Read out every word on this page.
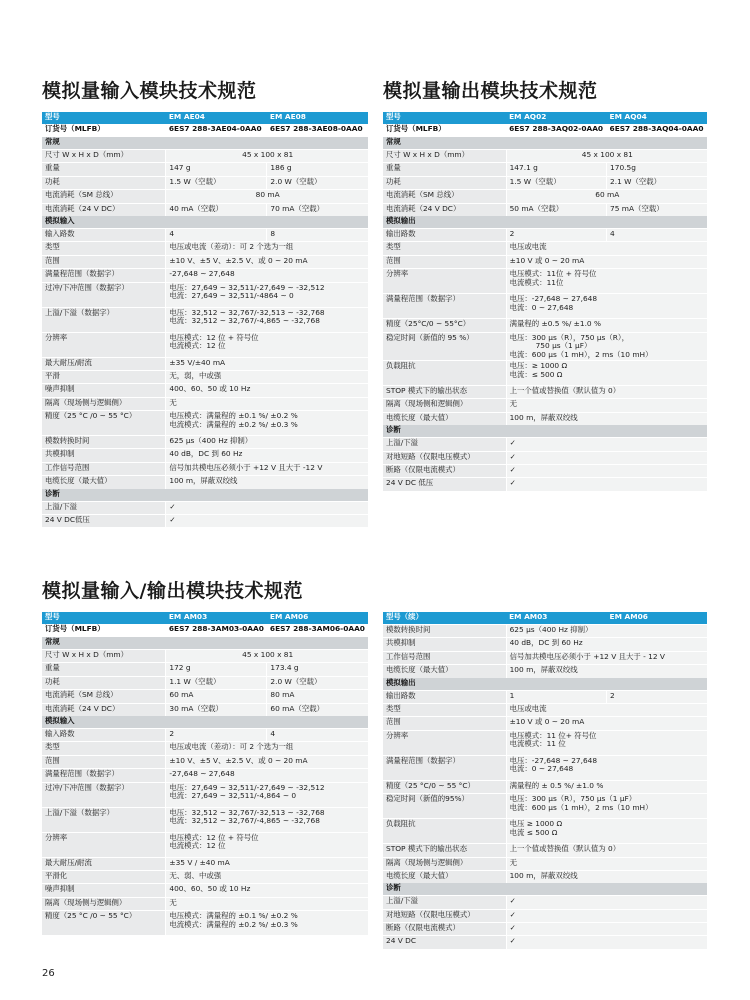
模拟量输入模块技术规范	模拟量输出模块技术规范
模拟量输入/输出模块技术规范
型号	EM AE04	EM AE08
订货号（MLFB）	6ES7 288-3AE04-0AA0	6ES7 288-3AE08-0AA0
常规		
尺寸 W x H x D（mm）	45 x 100 x 81	

重量	147 g	186 g
功耗	1.5 W（空载）	2.0 W（空载）
电流消耗（SM 总线）	80 mA	

电流消耗（24 V DC）	40 mA（空载）	70 mA（空载）
模拟输入		
输入路数	4	8
类型	电压或电流（差动）：可 2 个选为一组	

范围	±10 V、±5 V、±2.5 V、或 0 ~ 20 mA	

满量程范围（数据字）	-27,648 ~ 27,648	

过冲/下冲范围（数据字）	电压：27,649 ~ 32,511/-27,649 ~ -32,512
电流：27,649 ~ 32,511/-4864 ~ 0	

上溢/下溢（数据字）	电压：32,512 ~ 32,767/-32,513 ~ -32,768
电流：32,512 ~ 32,767/-4,865 ~ -32,768	

分辨率	电压模式：12 位 + 符号位
电流模式：12 位	

最大耐压/耐流	±35 V/±40 mA	

平滑	无，弱，中或强	

噪声抑制	400、60、50 或 10 Hz	

隔离（现场侧与逻辑侧）	无	

精度（25 °C /0 ~ 55 °C）	电压模式：满量程的 ±0.1 %/ ±0.2 %
电流模式：满量程的 ±0.2 %/ ±0.3 %	

模数转换时间	625 μs（400 Hz 抑制）	

共模抑制	40 dB，DC 到 60 Hz	

工作信号范围	信号加共模电压必须小于 +12 V 且大于 -12 V	

电缆长度（最大值）	100 m，屏蔽双绞线	

诊断		
上溢/下溢	✓	

24 V DC低压	✓	
型号	EM AQ02	EM AQ04
订货号（MLFB）	6ES7 288-3AQ02-0AA0	6ES7 288-3AQ04-0AA0
常规		
尺寸 W x H x D（mm）	45 x 100 x 81	

重量	147.1 g	170.5g
功耗	1.5 W（空载）	2.1 W（空载）
电流消耗（SM 总线）	60 mA	

电流消耗（24 V DC）	50 mA（空载）	75 mA（空载）
模拟输出		
输出路数	2	4
类型	电压或电流	

范围	±10 V 或 0 ~ 20 mA	

分辨率	电压模式：11位 + 符号位
电流模式：11位	

满量程范围（数据字）	电压：-27,648 ~ 27,648
电流：0 ~ 27,648	

精度（25°C/0 ~ 55°C）	满量程的 ±0.5 %/ ±1.0 %	

稳定时间（新值的 95 %）	电压：300 μs（R），750 μs（R），
750 μs（1 μF）
电流：600 μs（1 mH），2 ms（10 mH）	

负载阻抗	电压：≥ 1000 Ω
电流：≤ 500 Ω	

STOP 模式下的输出状态	上一个值或替换值（默认值为 0）	

隔离（现场侧和逻辑侧）	无	

电缆长度（最大值）	100 m，屏蔽双绞线	

诊断		
上溢/下溢	✓	

对地短路（仅限电压模式）	✓	

断路（仅限电流模式）	✓	

24 V DC 低压	✓	
型号	EM AM03	EM AM06
订货号（MLFB）	6ES7 288-3AM03-0AA0	6ES7 288-3AM06-0AA0
常规		
尺寸 W x H x D（mm）	45 x 100 x 81	

重量	172 g	173.4 g
功耗	1.1 W（空载）	2.0 W（空载）
电流消耗（SM 总线）	60 mA	80 mA
电流消耗（24 V DC）	30 mA（空载）	60 mA（空载）
模拟输入		
输入路数	2	4
类型	电压或电流（差动）：可 2 个选为一组	

范围	±10 V、±5 V、±2.5 V、或 0 ~ 20 mA	

满量程范围（数据字）	-27,648 ~ 27,648	

过冲/下冲范围（数据字）	电压：27,649 ~ 32,511/-27,649 ~ -32,512
电流：27,649 ~ 32,511/-4,864 ~ 0	

上溢/下溢（数据字）	电压：32,512 ~ 32,767/-32,513 ~ -32,768
电流：32,512 ~ 32,767/-4,865 ~ -32,768	

分辨率	电压模式：12 位 + 符号位
电流模式：12 位	

最大耐压/耐流	±35 V / ±40 mA	

平滑化	无、弱、中或强	

噪声抑制	400、60、50 或 10 Hz	

隔离（现场侧与逻辑侧）	无	

精度（25 °C /0 ~ 55 °C）	电压模式：满量程的 ±0.1 %/ ±0.2 %
电流模式：满量程的 ±0.2 %/ ±0.3 %	
型号（续）	EM AM03	EM AM06
模数转换时间	625 μs（400 Hz 抑制）	

共模抑制	40 dB，DC 到 60 Hz	

工作信号范围	信号加共模电压必须小于 +12 V 且大于 - 12 V	

电缆长度（最大值）	100 m，屏蔽双绞线	

模拟输出		
输出路数	1	2
类型	电压或电流	

范围	±10 V 或 0 ~ 20 mA	

分辨率	电压模式：11 位+ 符号位
电流模式：11 位	

满量程范围（数据字）	电压：-27,648 ~ 27,648
电流：0 ~ 27,648	

精度（25 °C/0 ~ 55 °C）	满量程的 ± 0.5 %/ ±1.0 %	

稳定时间（新值的95%）	电压：300 μs（R），750 μs（1 μF）
电流：600 μs（1 mH），2 ms（10 mH）	

负载阻抗	电压 ≥ 1000 Ω
电流 ≤ 500 Ω	

STOP 模式下的输出状态	上一个值或替换值（默认值为 0）	

隔离（现场侧与逻辑侧）	无	

电缆长度（最大值）	100 m，屏蔽双绞线	

诊断		
上溢/下溢	✓	

对地短路（仅限电压模式）	✓	

断路（仅限电流模式）	✓	

24 V DC	✓	
26
